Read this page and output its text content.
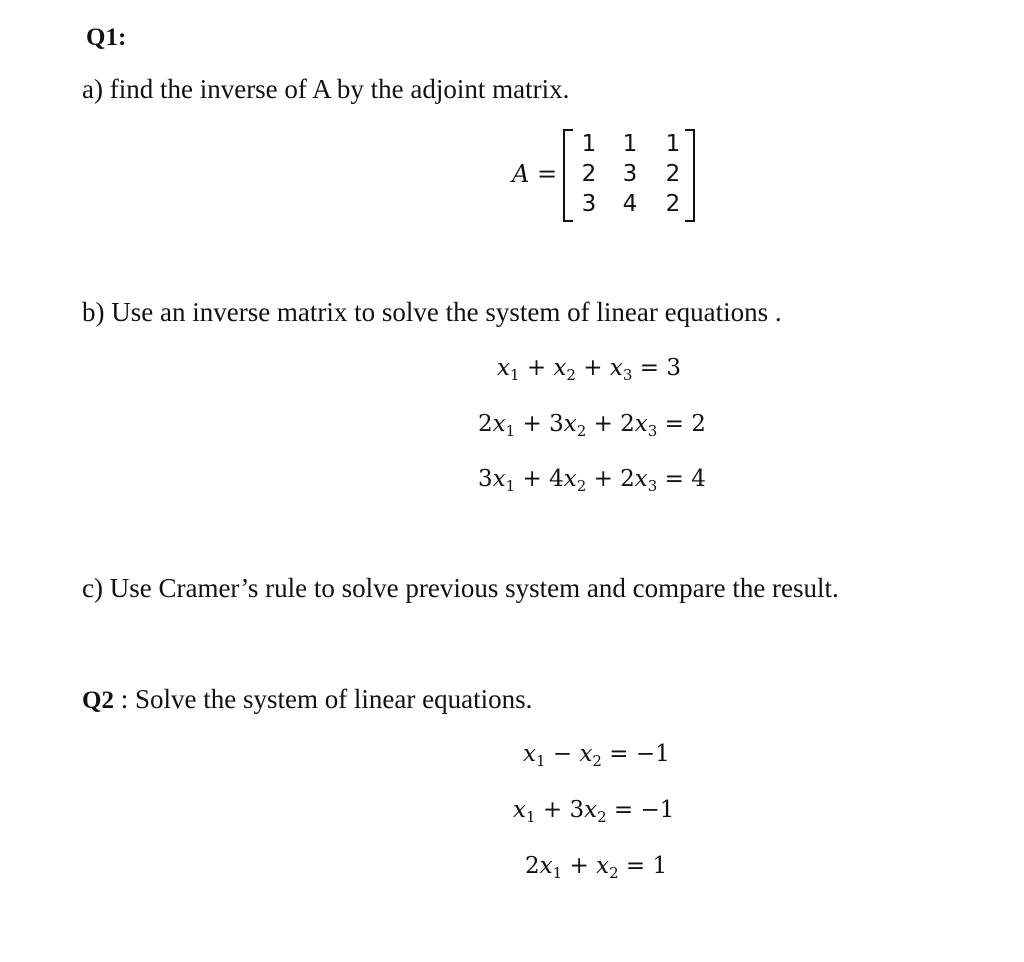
Q1:
a) find the inverse of A by the adjoint matrix.
A =
1 1 1
2 3 2
3 4 2
b) Use an inverse matrix to solve the system of linear equations .
$x_1 + x_2 + x_3 = 3$
$2x_1 + 3x_2 + 2x_3 = 2$
$3x_1 + 4x_2 + 2x_3 = 4$
c) Use Cramer’s rule to solve previous system and compare the result.
Q2 : Solve the system of linear equations.
$x_1 - x_2 = -1$
$x_1 + 3x_2 = -1$
$2x_1 + x_2 = 1$
